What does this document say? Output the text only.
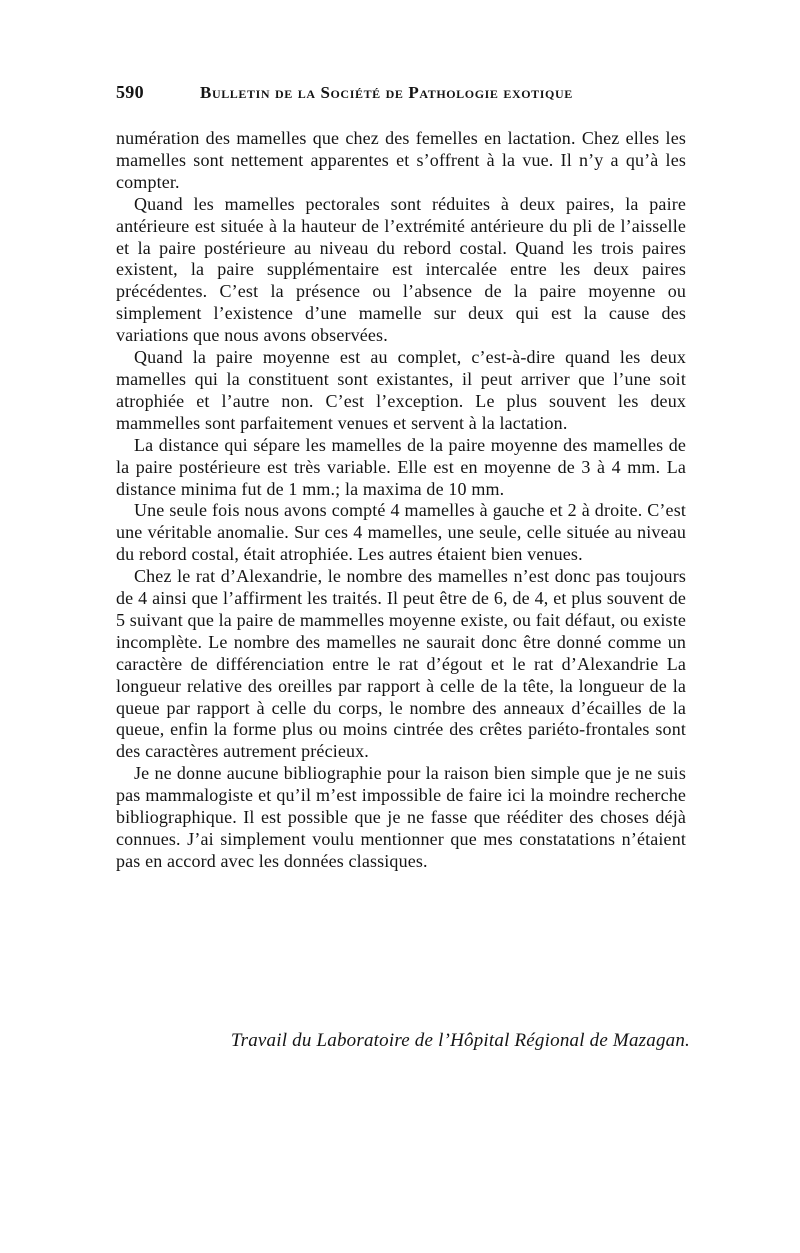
590	Bulletin de la Société de Pathologie exotique

numération des mamelles que chez des femelles en lactation. Chez elles les mamelles sont nettement apparentes et s’offrent à la vue. Il n’y a qu’à les compter.

Quand les mamelles pectorales sont réduites à deux paires, la paire antérieure est située à la hauteur de l’extrémité antérieure du pli de l’aisselle et la paire postérieure au niveau du rebord costal. Quand les trois paires existent, la paire supplémentaire est intercalée entre les deux paires précédentes. C’est la présence ou l’absence de la paire moyenne ou simplement l’existence d’une mamelle sur deux qui est la cause des variations que nous avons observées.

Quand la paire moyenne est au complet, c’est-à-dire quand les deux mamelles qui la constituent sont existantes, il peut arriver que l’une soit atrophiée et l’autre non. C’est l’exception. Le plus souvent les deux mammelles sont parfaitement venues et servent à la lactation.

La distance qui sépare les mamelles de la paire moyenne des mamelles de la paire postérieure est très variable. Elle est en moyenne de 3 à 4 mm. La distance minima fut de 1 mm.; la maxima de 10 mm.

Une seule fois nous avons compté 4 mamelles à gauche et 2 à droite. C’est une véritable anomalie. Sur ces 4 mamelles, une seule, celle située au niveau du rebord costal, était atrophiée. Les autres étaient bien venues.

Chez le rat d’Alexandrie, le nombre des mamelles n’est donc pas toujours de 4 ainsi que l’affirment les traités. Il peut être de 6, de 4, et plus souvent de 5 suivant que la paire de mammelles moyenne existe, ou fait défaut, ou existe incomplète. Le nombre des mamelles ne saurait donc être donné comme un caractère de différenciation entre le rat d’égout et le rat d’Alexandrie La longueur relative des oreilles par rapport à celle de la tête, la longueur de la queue par rapport à celle du corps, le nombre des anneaux d’écailles de la queue, enfin la forme plus ou moins cintrée des crêtes pariéto-frontales sont des caractères autrement précieux.

Je ne donne aucune bibliographie pour la raison bien simple que je ne suis pas mammalogiste et qu’il m’est impossible de faire ici la moindre recherche bibliographique. Il est possible que je ne fasse que rééditer des choses déjà connues. J’ai simplement voulu mentionner que mes constatations n’étaient pas en accord avec les données classiques.

Travail du Laboratoire de l’Hôpital Régional de Mazagan.
